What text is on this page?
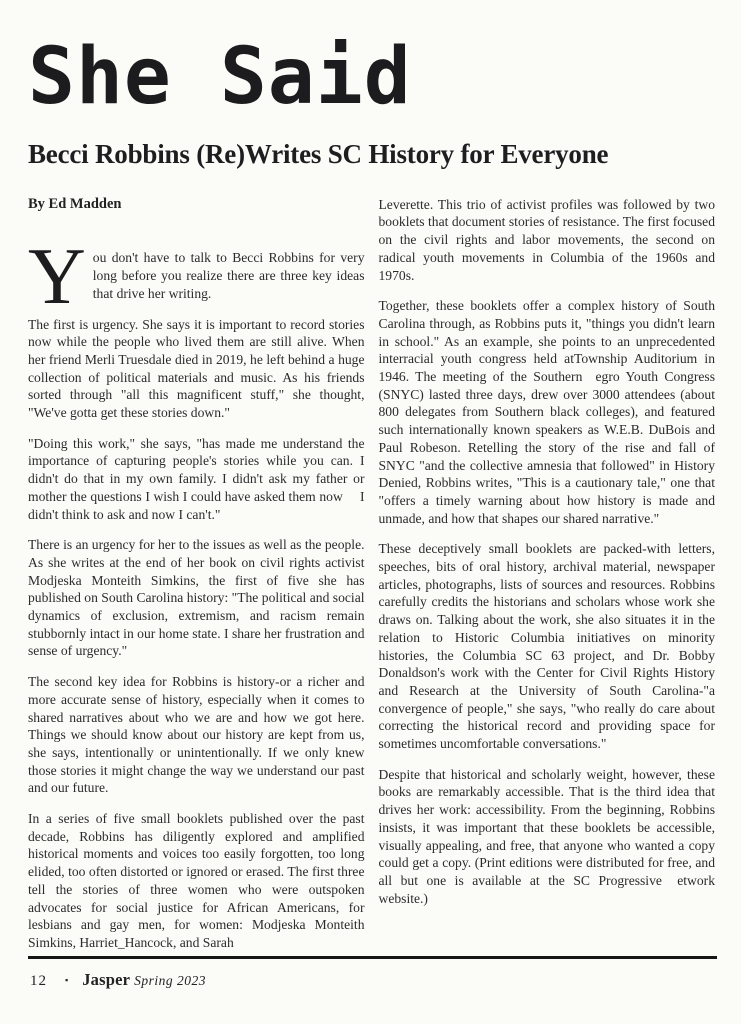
She Said
Becci Robbins (Re)Writes SC History for Everyone
By Ed Madden

You don't have to talk to Becci Robbins for very long before you realize there are three key ideas that drive her writing.

The first is urgency. She says it is important to record stories now while the people who lived them are still alive. When her friend Merli Truesdale died in 2019, he left behind a huge collection of political materials and music. As his friends sorted through "all this magnificent stuff," she thought, "We've gotta get these stories down."

"Doing this work," she says, "has made me understand the importance of capturing people's stories while you can. I didn't do that in my own family. I didn't ask my father or mother the questions I wish I could have asked them now  I didn't think to ask and now I can't."

There is an urgency for her to the issues as well as the people. As she writes at the end of her book on civil rights activist Modjeska Monteith Simkins, the first of five she has published on South Carolina history: "The political and social dynamics of exclusion, extremism, and racism remain stubbornly intact in our home state. I share her frustration and sense of urgency."

The second key idea for Robbins is history-or a richer and more accurate sense of history, especially when it comes to shared narratives about who we are and how we got here. Things we should know about our history are kept from us, she says, intentionally or unintentionally. If we only knew those stories it might change the way we understand our past and our future.

In a series of five small booklets published over the past decade, Robbins has diligently explored and amplified historical moments and voices too easily forgotten, too long elided, too often distorted or ignored or erased. The first three tell the stories of three women who were outspoken advocates for social justice for African Americans, for lesbians and gay men, for women: Modjeska Monteith Simkins, Harriet_Hancock, and Sarah

Leverette. This trio of activist profiles was followed by two booklets that document stories of resistance. The first focused on the civil rights and labor movements, the second on radical youth movements in Columbia of the 1960s and 1970s.

Together, these booklets offer a complex history of South Carolina through, as Robbins puts it, "things you didn't learn in school." As an example, she points to an unprecedented interracial youth congress held atTownship Auditorium in 1946. The meeting of the Southern  egro Youth Congress (SNYC) lasted three days, drew over 3000 attendees (about 800 delegates from Southern black colleges), and featured such internationally known speakers as W.E.B. DuBois and Paul Robeson. Retelling the story of the rise and fall of SNYC "and the collective amnesia that followed" in History Denied, Robbins writes, "This is a cautionary tale," one that "offers a timely warning about how history is made and unmade, and how that shapes our shared narrative."

These deceptively small booklets are packed-with letters, speeches, bits of oral history, archival material, newspaper articles, photographs, lists of sources and resources. Robbins carefully credits the historians and scholars whose work she draws on. Talking about the work, she also situates it in the relation to Historic Columbia initiatives on minority histories, the Columbia SC 63 project, and Dr. Bobby Donaldson's work with the Center for Civil Rights History and Research at the University of South Carolina-"a convergence of people," she says, "who really do care about correcting the historical record and providing space for sometimes uncomfortable conversations."

Despite that historical and scholarly weight, however, these books are remarkably accessible. That is the third idea that drives her work: accessibility. From the beginning, Robbins insists, it was important that these booklets be accessible, visually appealing, and free, that anyone who wanted a copy could get a copy. (Print editions were distributed for free, and all but one is available at the SC Progressive  etwork website.)

12 ▪ Jasper Spring 2023
